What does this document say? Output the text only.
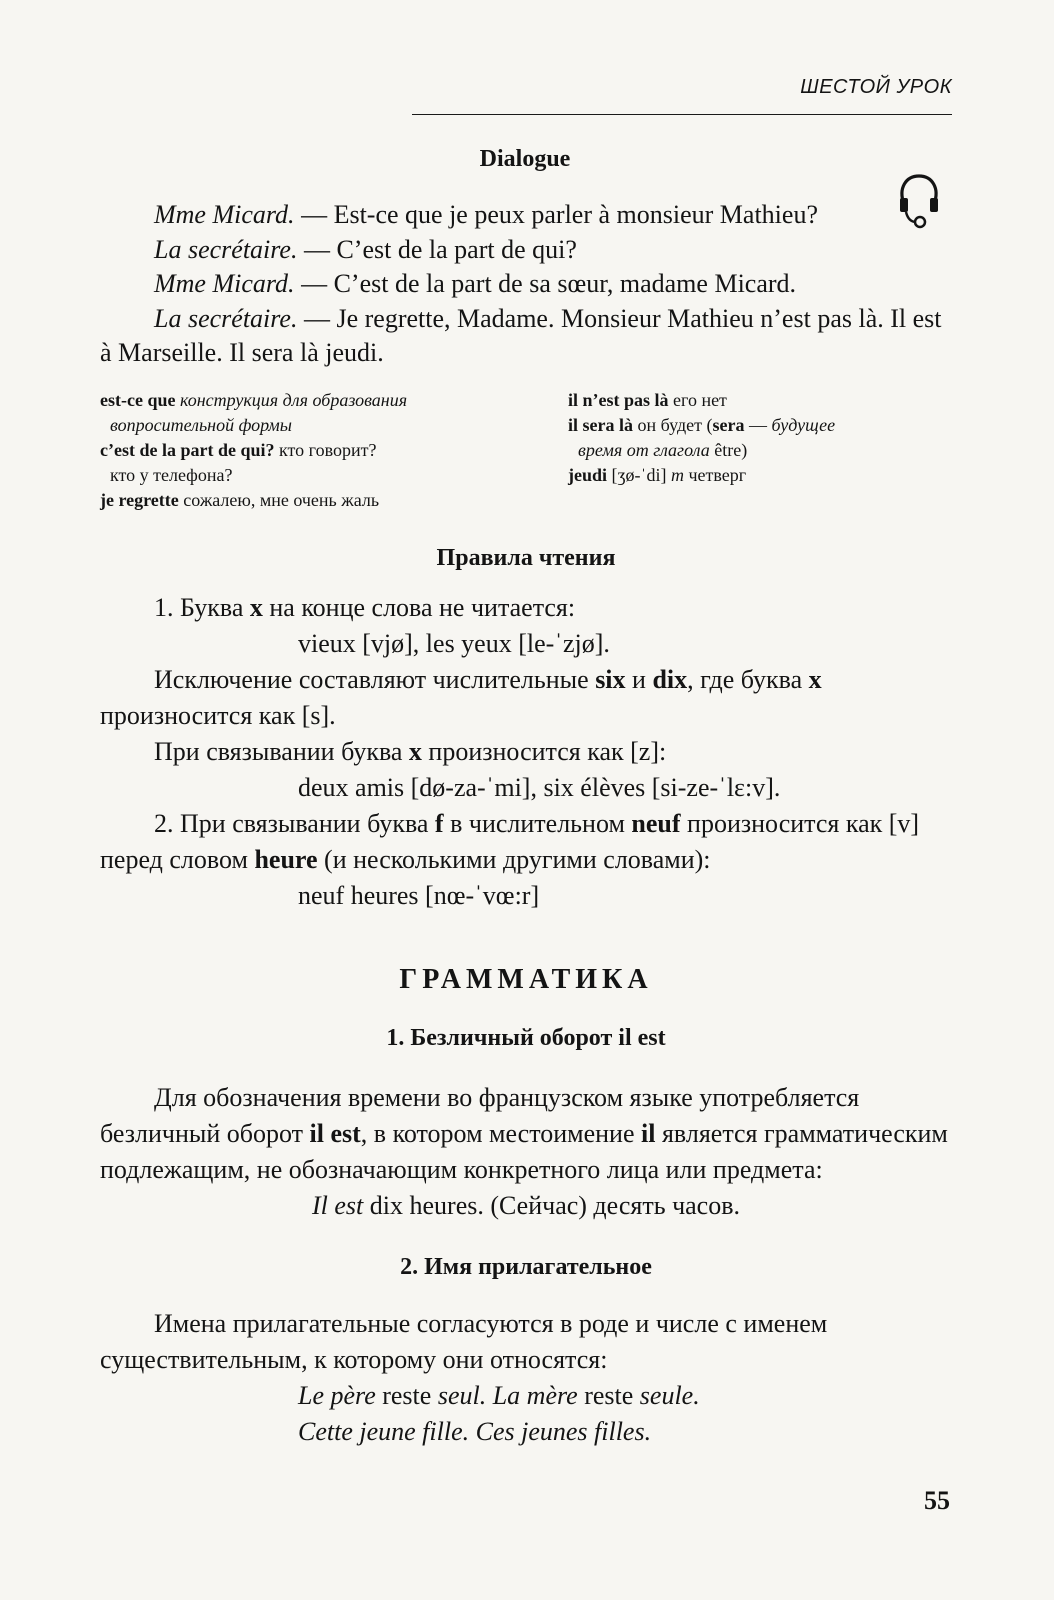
ШЕСТОЙ УРОК
Dialogue

Mme Micard. — Est-ce que je peux parler à monsieur Mathieu?

La secrétaire. — C’est de la part de qui?

Mme Micard. — C’est de la part de sa sœur, madame Micard.

La secrétaire. — Je regrette, Madame. Monsieur Mathieu n’est pas là. Il est à Marseille. Il sera là jeudi.

est-ce que конструкция для образования
вопросительной формы
c’est de la part de qui? кто говорит?
кто у телефона?
je regrette сожалею, мне очень жаль
il n’est pas là его нет
il sera là он будет (sera — будущее
время от глагола être)
jeudi [ʒø-ˈdi] m четверг
Правила чтения

1. Буква x на конце слова не читается:

vieux [vjø], les yeux [le-ˈzjø].

Исключение составляют числительные six и dix, где буква x произносится как [s].

При связывании буква x произносится как [z]:

deux amis [dø-za-ˈmi], six élèves [si-ze-ˈlɛ:v].

2. При связывании буква f в числительном neuf произносится как [v] перед словом heure (и несколькими другими словами):

neuf heures [nœ-ˈvœ:r]

ГРАММАТИКА
1. Безличный оборот il est

Для обозначения времени во французском языке употребляется безличный оборот il est, в котором местоимение il является грамматическим подлежащим, не обозначающим конкретного лица или предмета:

Il est dix heures. (Сейчас) десять часов.

2. Имя прилагательное

Имена прилагательные согласуются в роде и числе с именем существительным, к которому они относятся:

Le père reste seul. La mère reste seule.

Cette jeune fille. Ces jeunes filles.

55
